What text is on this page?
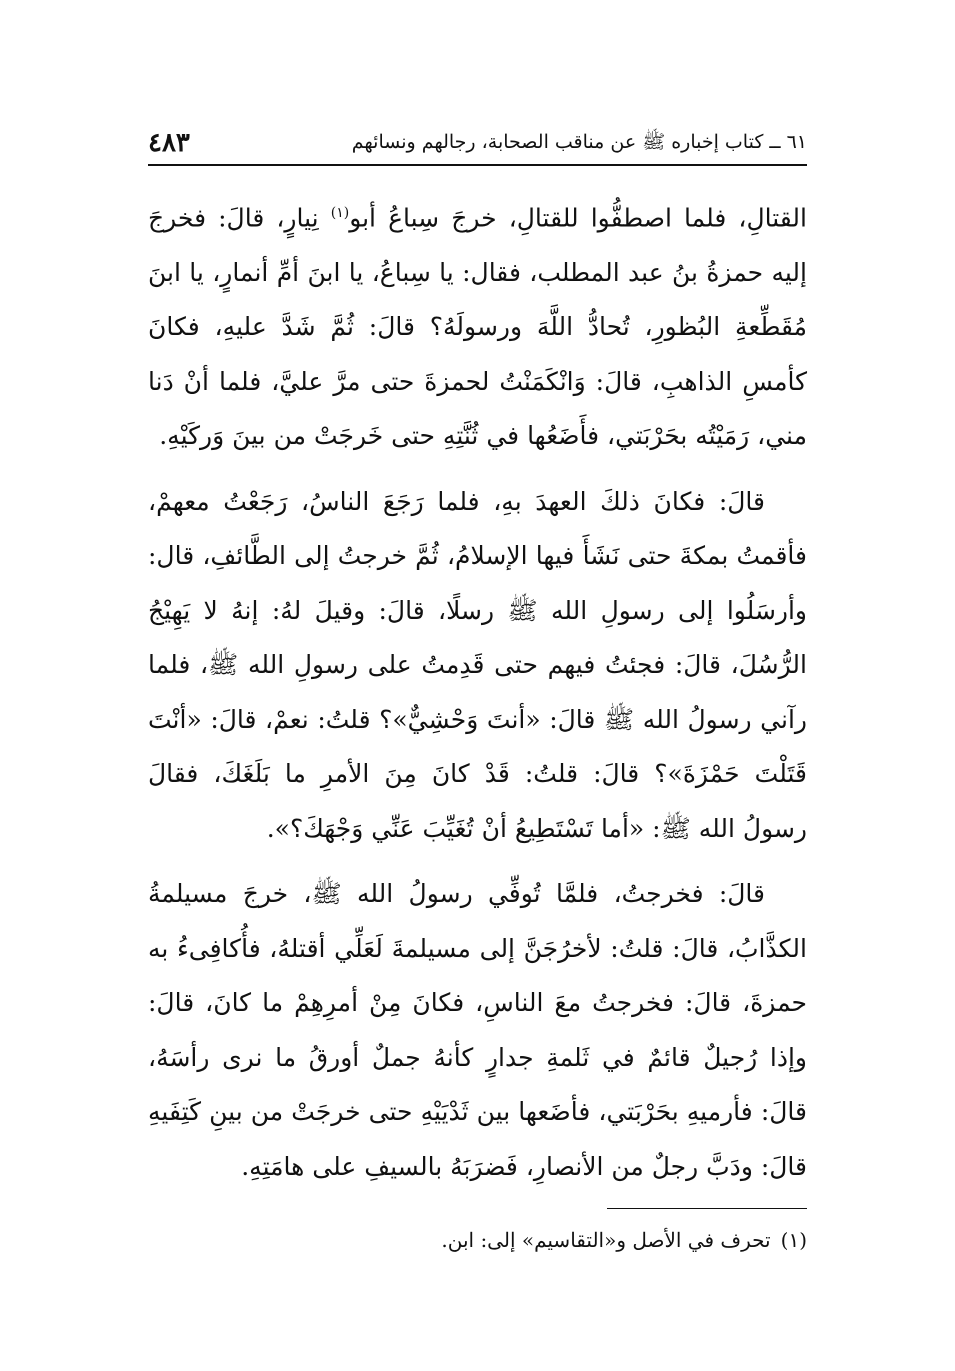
٦١ ــ كتاب إخباره ﷺ عن مناقب الصحابة، رجالهم ونسائهم
٤٨٣

القتالِ، فلما اصطفُّوا للقتالِ، خرجَ سِباعُ أبو$^{(١)}$ نِيارٍ، قالَ: فخرجَ إليه حمزةُ بنُ عبد المطلب، فقال: يا سِباعُ، يا ابنَ أمِّ أنمارٍ، يا ابنَ مُقَطِّعةِ البُظورِ، تُحادُّ اللَّهَ ورسولَهُ؟ قالَ: ثُمَّ شَدَّ عليهِ، فكانَ كأمسِ الذاهبِ، قالَ: وَانْكَمَنْتُ لحمزةَ حتى مرَّ عليَّ، فلما أنْ دَنا مني، رَمَيْتُه بحَرْبَتي، فأَضَعُها في ثُنَّتِهِ حتى خَرجَتْ من بينَ وَركَيْهِ.

قالَ: فكانَ ذلكَ العهدَ بهِ، فلما رَجَعَ الناسُ، رَجَعْتُ معهمْ، فأقمتُ بمكةَ حتى نَشَأَ فيها الإسلامُ، ثُمَّ خرجتُ إلى الطَّائفِ، قال: وأرسَلُوا إلى رسولِ الله ﷺ رسلًا، قالَ: وقيلَ لهُ: إنهُ لا يَهِيْجُ الرُّسُلَ، قالَ: فجئتُ فيهم حتى قَدِمتُ على رسولِ الله ﷺ، فلما رآني رسولُ الله ﷺ قالَ: «أنتَ وَحْشِيٌّ»؟ قلتُ: نعمْ، قالَ: «أنْتَ قَتَلْتَ حَمْزَةَ»؟ قالَ: قلتُ: قَدْ كانَ مِنَ الأمرِ ما بَلَغَكَ، فقالَ رسولُ الله ﷺ: «أما تَسْتَطِيعُ أنْ تُغَيِّبَ عَنِّي وَجْهَكَ؟».

قالَ: فخرجتُ، فلمَّا تُوفِّي رسولُ الله ﷺ، خرجَ مسيلمةُ الكذَّابُ، قالَ: قلتُ: لأخرُجَنَّ إلى مسيلمةَ لَعَلِّي أقتلهُ، فأُكافِىءُ به حمزةَ، قالَ: فخرجتُ معَ الناسِ، فكانَ مِنْ أمرِهِمْ ما كانَ، قالَ: وإذا رُجيلٌ قائمٌ في ثَلمةِ جدارٍ كأنهُ جملٌ أورقُ ما نرى رأسَهُ، قالَ: فأرميهِ بحَرْبَتي، فأضَعها بين ثَدْيَيْهِ حتى خرجَتْ من بينِ كَتِفَيهِ قالَ: ودَبَّ رجلٌ من الأنصارِ، فَضرَبَهُ بالسيفِ على هامَتِهِ.

(١)تحرف في الأصل و«التقاسيم» إلى: ابن.
